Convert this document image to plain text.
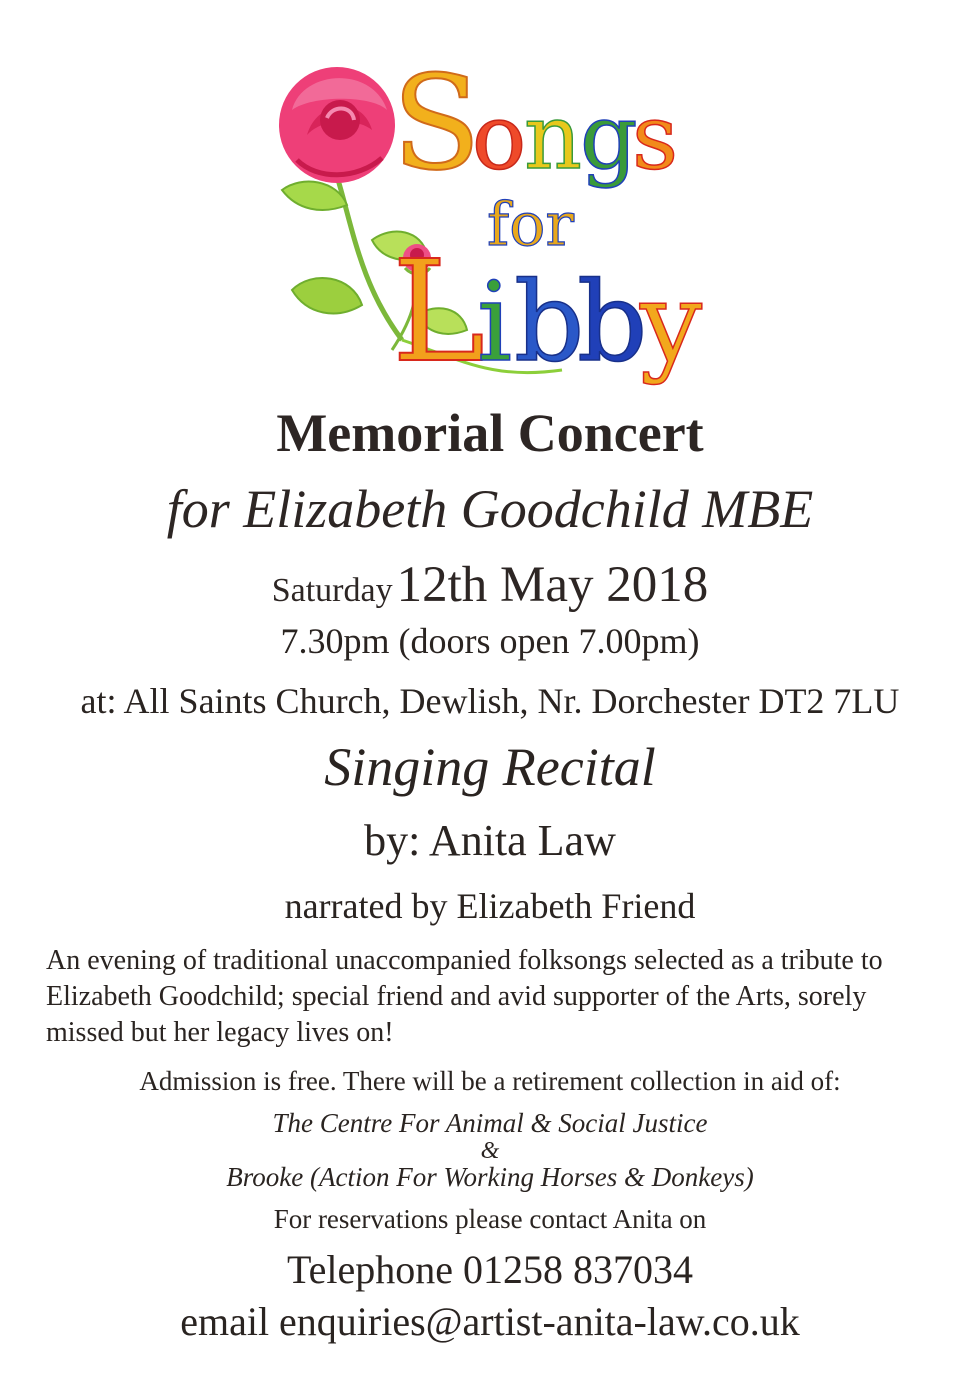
S
o
n
g
s
for
L
i b
b
y
Memorial Concert
for Elizabeth Goodchild MBE
Saturday 12th May 2018
7.30pm (doors open 7.00pm)
at: All Saints Church, Dewlish, Nr. Dorchester DT2 7LU
Singing Recital
by: Anita Law
narrated by Elizabeth Friend
An evening of traditional unaccompanied folksongs selected as a tribute to Elizabeth Goodchild; special friend and avid supporter of the Arts, sorely missed but her legacy lives on!
Admission is free. There will be a retirement collection in aid of:
The Centre For Animal & Social Justice
&
Brooke (Action For Working Horses & Donkeys)
For reservations please contact Anita on
Telephone 01258 837034
email enquiries@artist-anita-law.co.uk
